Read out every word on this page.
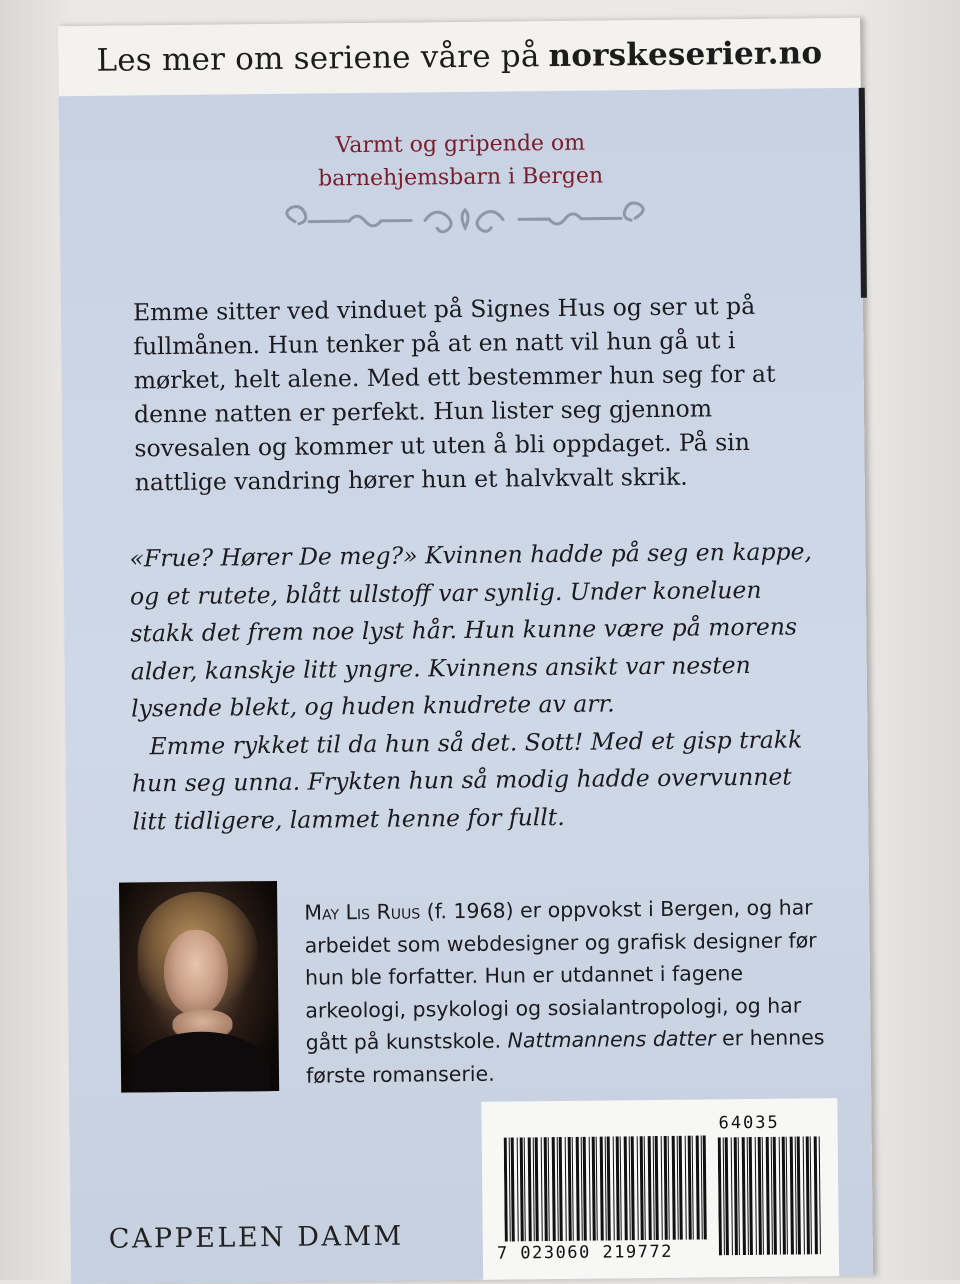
Les mer om seriene våre på norskeserier.no
Varmt og gripende om
barnehjemsbarn i Bergen
Emme sitter ved vinduet på Signes Hus og ser ut på fullmånen. Hun tenker på at en natt vil hun gå ut i mørket, helt alene. Med ett bestemmer hun seg for at denne natten er perfekt. Hun lister seg gjennom sovesalen og kommer ut uten å bli oppdaget. På sin nattlige vandring hører hun et halvkvalt skrik.

«Frue? Hører De meg?» Kvinnen hadde på seg en kappe, og et rutete, blått ullstoff var synlig. Under koneluen stakk det frem noe lyst hår. Hun kunne være på morens alder, kanskje litt yngre. Kvinnens ansikt var nesten lysende blekt, og huden knudrete av arr.

Emme rykket til da hun så det. Sott! Med et gisp trakk hun seg unna. Frykten hun så modig hadde overvunnet litt tidligere, lammet henne for fullt.

May Lis Ruus (f. 1968) er oppvokst i Bergen, og har arbeidet som webdesigner og grafisk designer før hun ble forfatter. Hun er utdannet i fagene arkeologi, psykologi og sosialantropologi, og har gått på kunstskole. Nattmannens datter er hennes første romanserie.
64035
7 023060 219772
CAPPELEN DAMM
